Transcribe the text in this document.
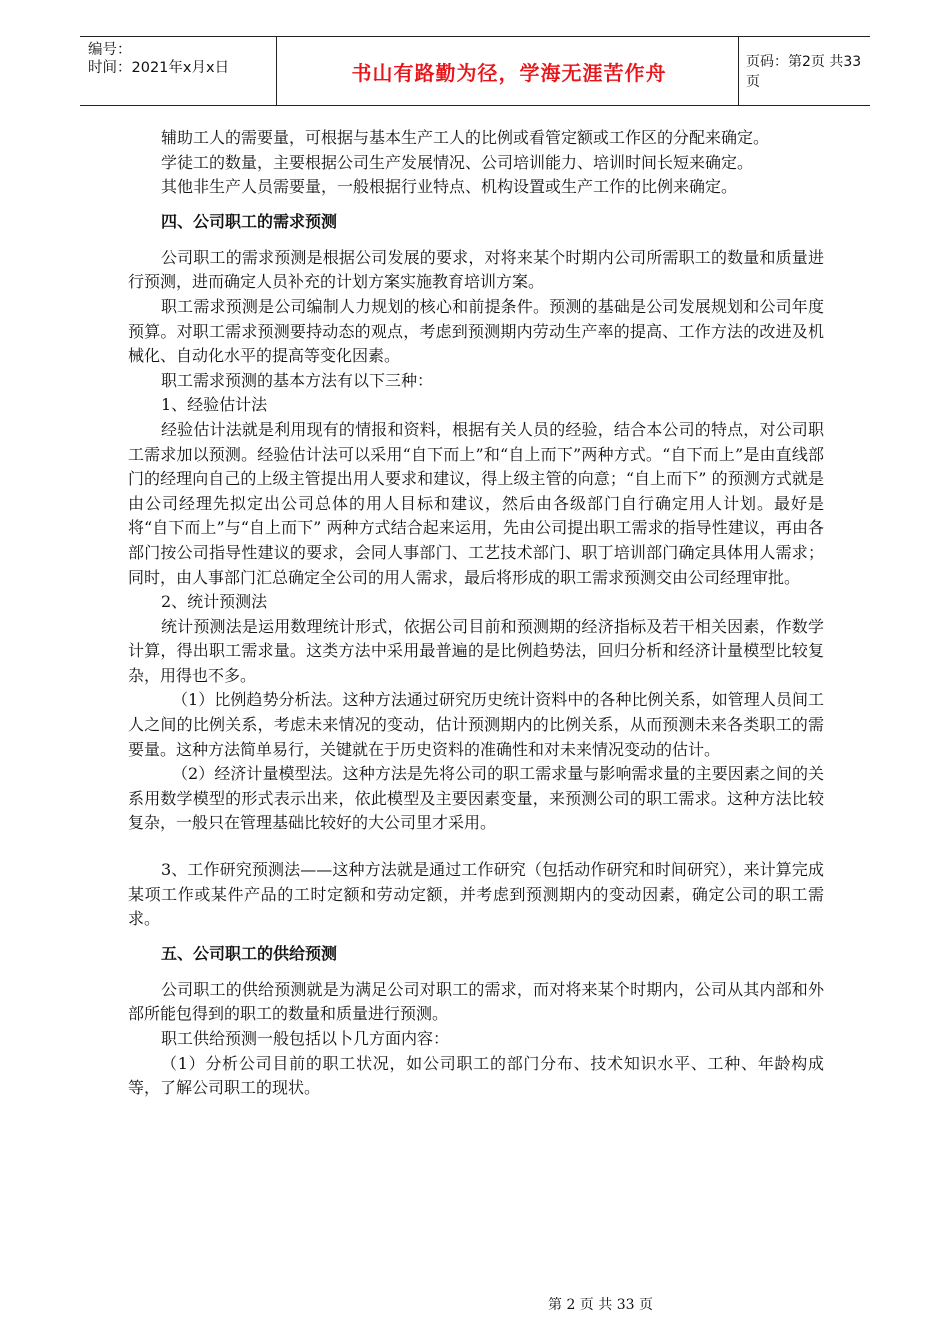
编号：
时间：2021年x月x日	书山有路勤为径，学海无涯苦作舟	页码：第2页 共33页

辅助工人的需要量，可根据与基本生产工人的比例或看管定额或工作区的分配来确定。

学徒工的数量，主要根据公司生产发展情况、公司培训能力、培训时间长短来确定。

其他非生产人员需要量，一般根据行业特点、机构设置或生产工作的比例来确定。

四、公司职工的需求预测

公司职工的需求预测是根据公司发展的要求，对将来某个时期内公司所需职工的数量和质量进行预测，进而确定人员补充的计划方案实施教育培训方案。

职工需求预测是公司编制人力规划的核心和前提条件。预测的基础是公司发展规划和公司年度预算。对职工需求预测要持动态的观点，考虑到预测期内劳动生产率的提高、工作方法的改进及机械化、自动化水平的提高等变化因素。

职工需求预测的基本方法有以下三种：

1、经验估计法

经验估计法就是利用现有的情报和资料，根据有关人员的经验，结合本公司的特点，对公司职工需求加以预测。经验估计法可以采用“自下而上”和“自上而下”两种方式。“自下而上”是由直线部门的经理向自己的上级主管提出用人要求和建议，得上级主管的向意；“自上而下” 的预测方式就是由公司经理先拟定出公司总体的用人目标和建议，然后由各级部门自行确定用人计划。最好是将“自下而上”与“自上而下” 两种方式结合起来运用，先由公司提出职工需求的指导性建议，再由各部门按公司指导性建议的要求，会同人事部门、工艺技术部门、职丁培训部门确定具体用人需求；同时，由人事部门汇总确定全公司的用人需求，最后将形成的职工需求预测交由公司经理审批。

2、统计预测法

统计预测法是运用数理统计形式，依据公司目前和预测期的经济指标及若干相关因素，作数学计算，得出职工需求量。这类方法中采用最普遍的是比例趋势法，回归分析和经济计量模型比较复杂，用得也不多。

（1）比例趋势分析法。这种方法通过研究历史统计资料中的各种比例关系，如管理人员间工人之间的比例关系，考虑未来情况的变动，估计预测期内的比例关系，从而预测未来各类职工的需要量。这种方法简单易行，关键就在于历史资料的准确性和对未来情况变动的估计。

（2）经济计量模型法。这种方法是先将公司的职工需求量与影响需求量的主要因素之间的关系用数学模型的形式表示出来，依此模型及主要因素变量，来预测公司的职工需求。这种方法比较复杂，一般只在管理基础比较好的大公司里才采用。

3、工作研究预测法——这种方法就是通过工作研究（包括动作研究和时间研究），来计算完成某项工作或某件产品的工时定额和劳动定额，并考虑到预测期内的变动因素，确定公司的职工需求。

五、公司职工的供给预测

公司职工的供给预测就是为满足公司对职工的需求，而对将来某个时期内，公司从其内部和外部所能包得到的职工的数量和质量进行预测。

职工供给预测一般包括以卜几方面内容：

（1）分析公司目前的职工状况，如公司职工的部门分布、技术知识水平、工种、年龄构成等，了解公司职工的现状。

第 2 页 共 33 页
